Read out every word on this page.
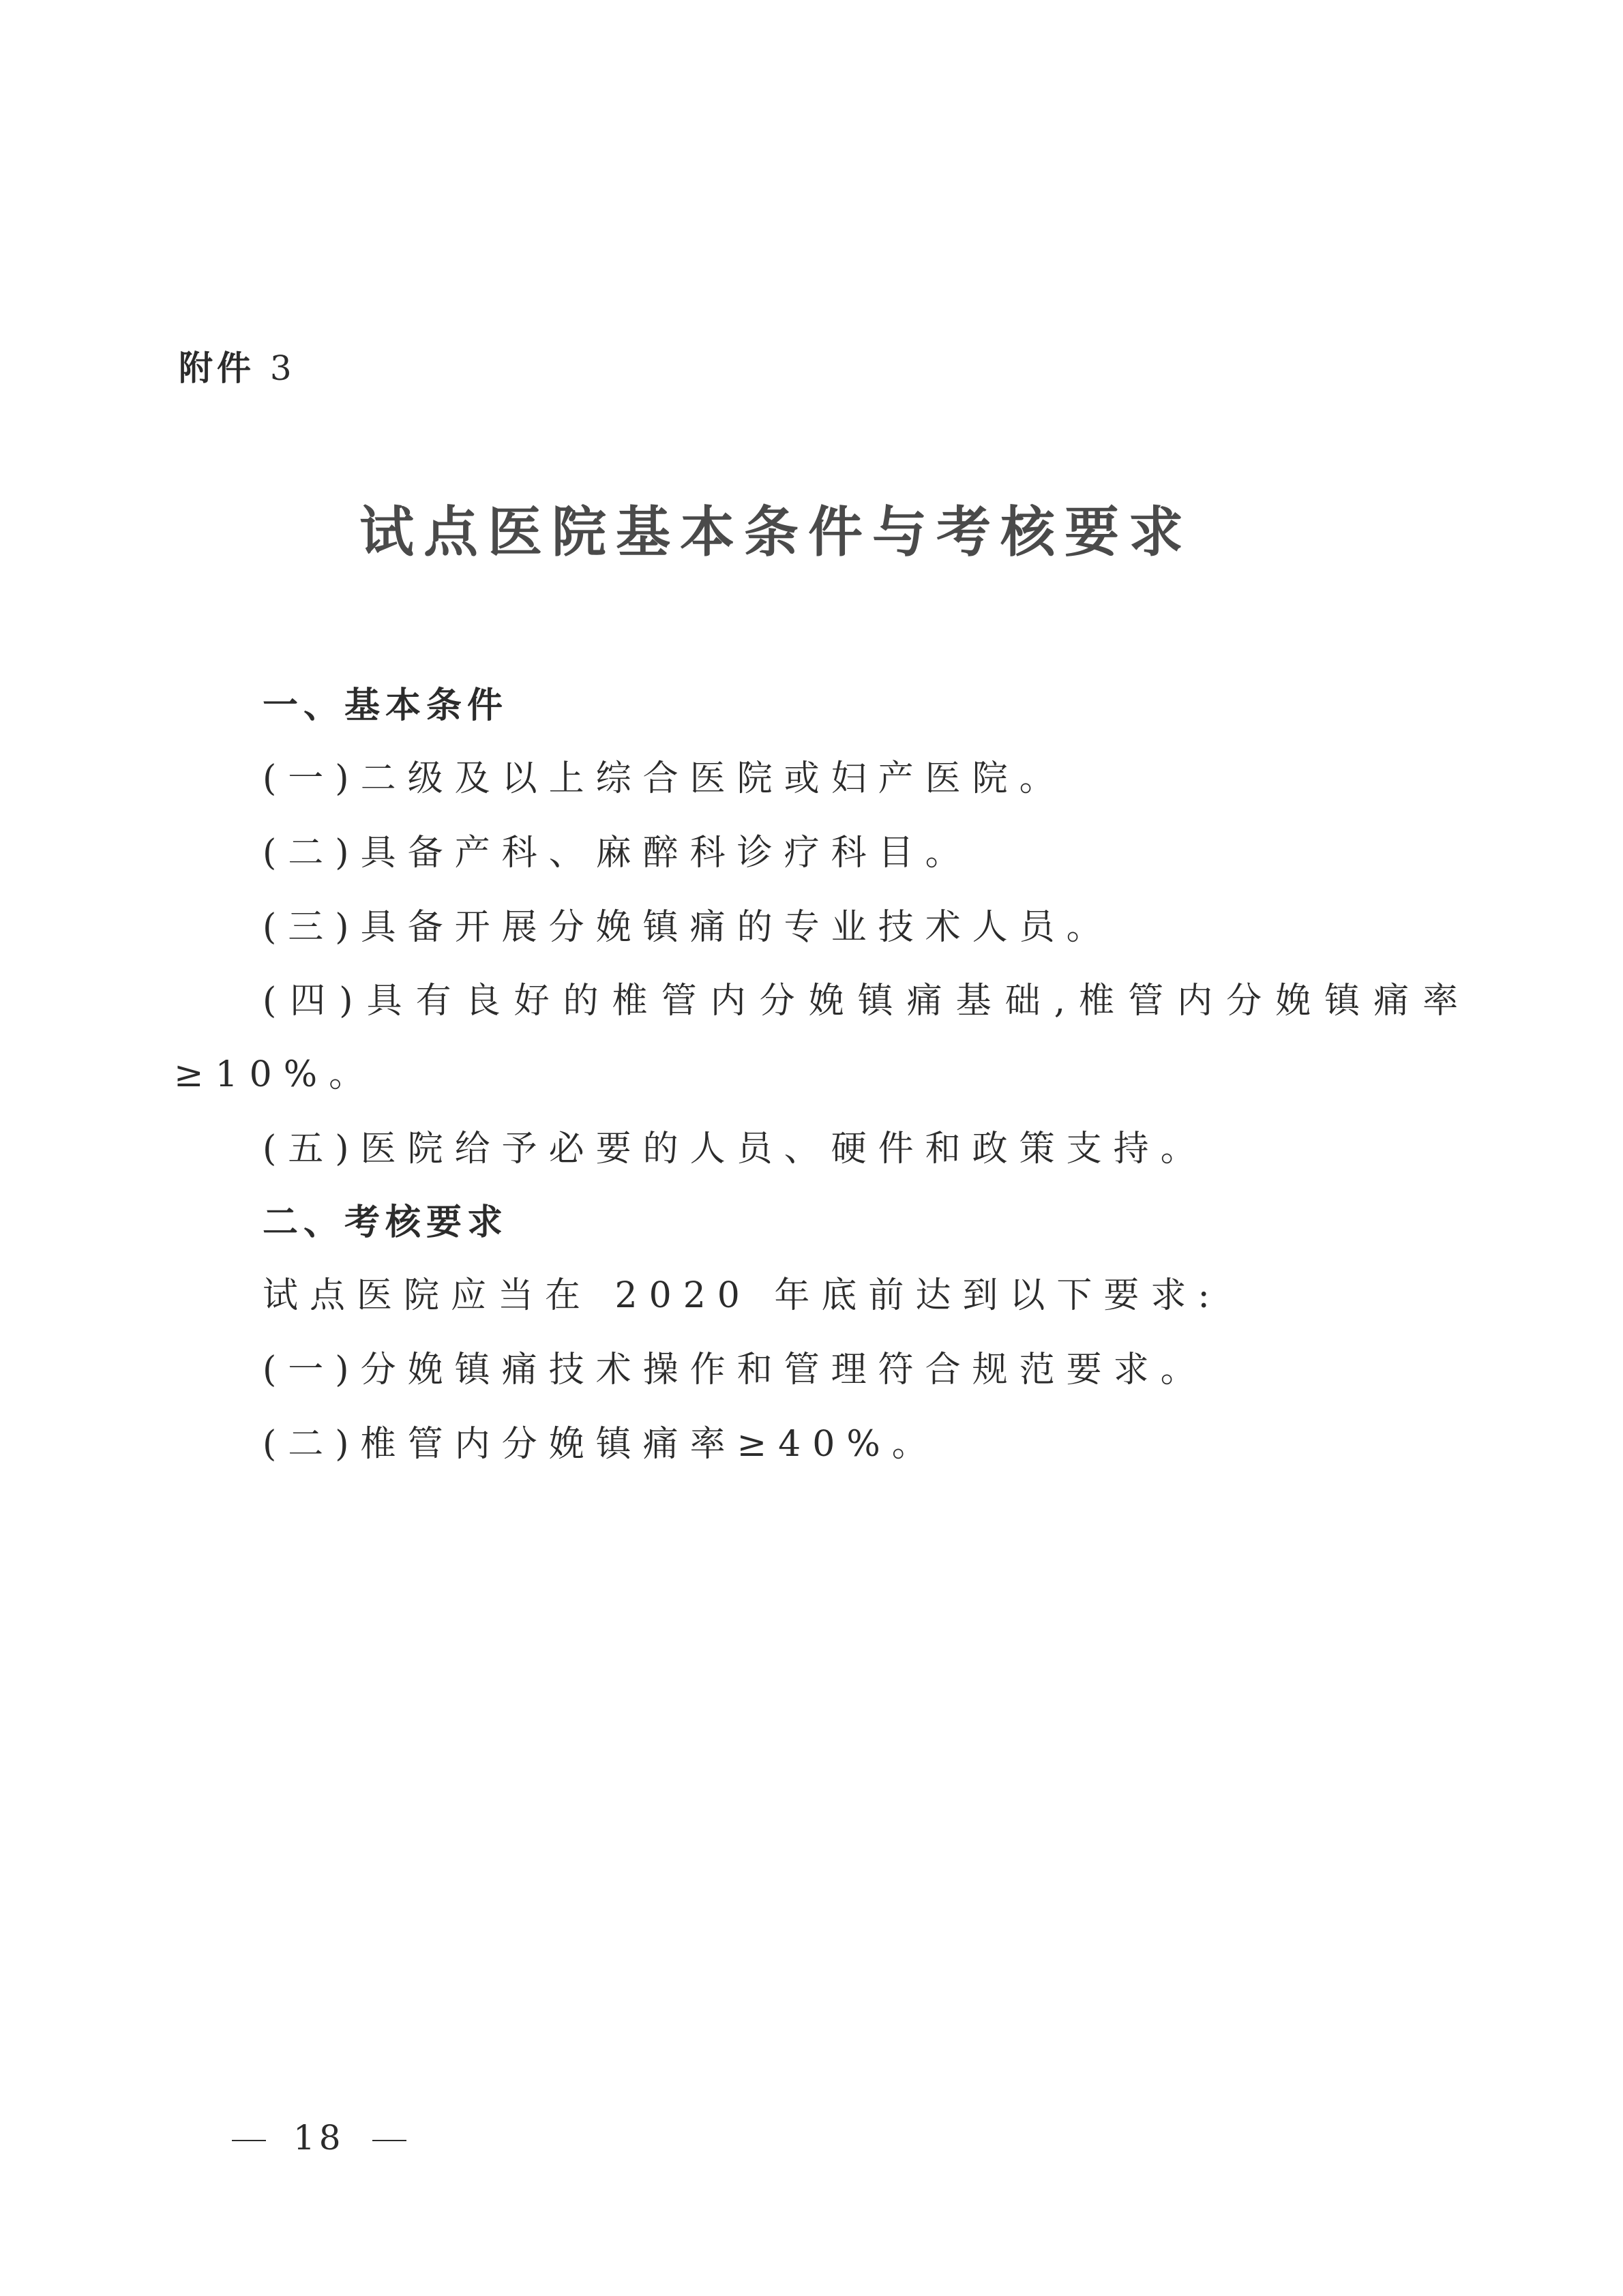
附件 3
试点医院基本条件与考核要求
一、基本条件
(一)二级及以上综合医院或妇产医院。
(二)具备产科、麻醉科诊疗科目。
(三)具备开展分娩镇痛的专业技术人员。
(四)具有良好的椎管内分娩镇痛基础,椎管内分娩镇痛率
≥10%。
(五)医院给予必要的人员、硬件和政策支持。
二、考核要求
试点医院应当在 2020 年底前达到以下要求:
(一)分娩镇痛技术操作和管理符合规范要求。
(二)椎管内分娩镇痛率≥40%。
18
